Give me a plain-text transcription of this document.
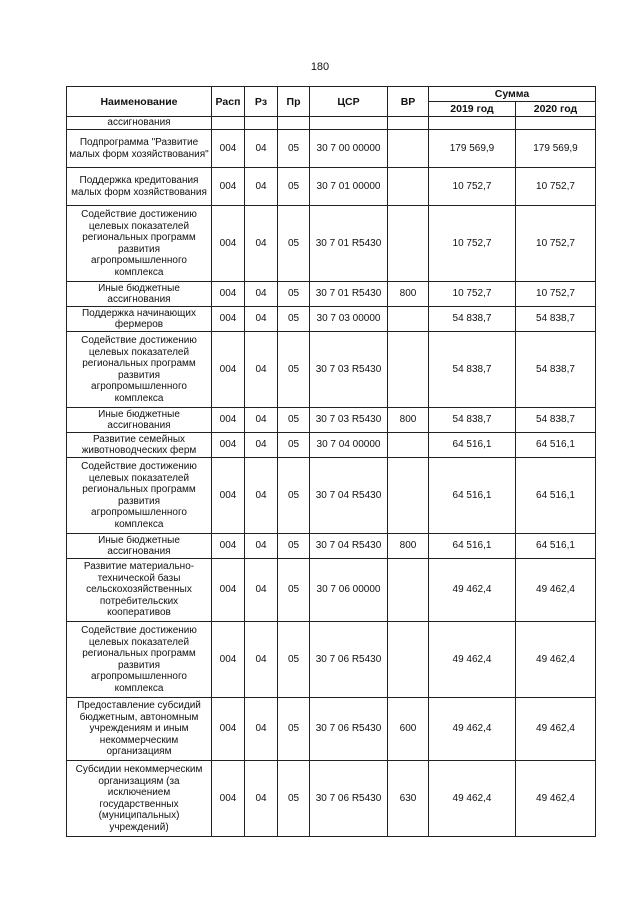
180
Наименование	Расп	Рз	Пр	ЦСР	ВР	Сумма	
						2019 год	2020 год
ассигнования							
Подпрограмма "Развитие малых форм хозяйствования"	004	04	05	30 7 00 00000		179 569,9	179 569,9
Поддержка кредитования малых форм хозяйствования	004	04	05	30 7 01 00000		10 752,7	10 752,7
Содействие достижению целевых показателей региональных программ развития агропромышленного комплекса	004	04	05	30 7 01 R5430		10 752,7	10 752,7
Иные бюджетные ассигнования	004	04	05	30 7 01 R5430	800	10 752,7	10 752,7
Поддержка начинающих фермеров	004	04	05	30 7 03 00000		54 838,7	54 838,7
Содействие достижению целевых показателей региональных программ развития агропромышленного комплекса	004	04	05	30 7 03 R5430		54 838,7	54 838,7
Иные бюджетные ассигнования	004	04	05	30 7 03 R5430	800	54 838,7	54 838,7
Развитие семейных животноводческих ферм	004	04	05	30 7 04 00000		64 516,1	64 516,1
Содействие достижению целевых показателей региональных программ развития агропромышленного комплекса	004	04	05	30 7 04 R5430		64 516,1	64 516,1
Иные бюджетные ассигнования	004	04	05	30 7 04 R5430	800	64 516,1	64 516,1
Развитие материально-технической базы сельскохозяйственных потребительских кооперативов	004	04	05	30 7 06 00000		49 462,4	49 462,4
Содействие достижению целевых показателей региональных программ развития агропромышленного комплекса	004	04	05	30 7 06 R5430		49 462,4	49 462,4
Предоставление субсидий бюджетным, автономным учреждениям и иным некоммерческим организациям	004	04	05	30 7 06 R5430	600	49 462,4	49 462,4
Субсидии некоммерческим организациям (за исключением государственных (муниципальных) учреждений)	004	04	05	30 7 06 R5430	630	49 462,4	49 462,4
